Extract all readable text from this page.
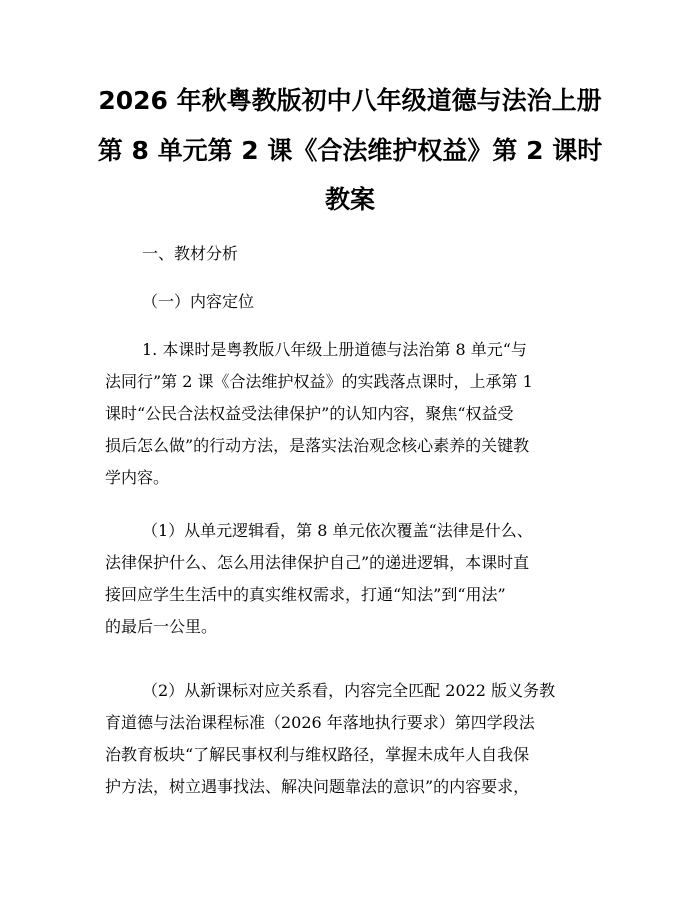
2026 年秋粤教版初中八年级道德与法治上册
第 8 单元第 2 课《合法维护权益》第 2 课时
教案
一、教材分析
（一）内容定位
1. 本课时是粤教版八年级上册道德与法治第 8 单元“与
法同行”第 2 课《合法维护权益》的实践落点课时，上承第 1
课时“公民合法权益受法律保护”的认知内容，聚焦“权益受
损后怎么做”的行动方法，是落实法治观念核心素养的关键教
学内容。
（1）从单元逻辑看，第 8 单元依次覆盖“法律是什么、
法律保护什么、怎么用法律保护自己”的递进逻辑，本课时直
接回应学生生活中的真实维权需求，打通“知法”到“用法”
的最后一公里。
（2）从新课标对应关系看，内容完全匹配 2022 版义务教
育道德与法治课程标准（2026 年落地执行要求）第四学段法
治教育板块“了解民事权利与维权路径，掌握未成年人自我保
护方法，树立遇事找法、解决问题靠法的意识”的内容要求，
